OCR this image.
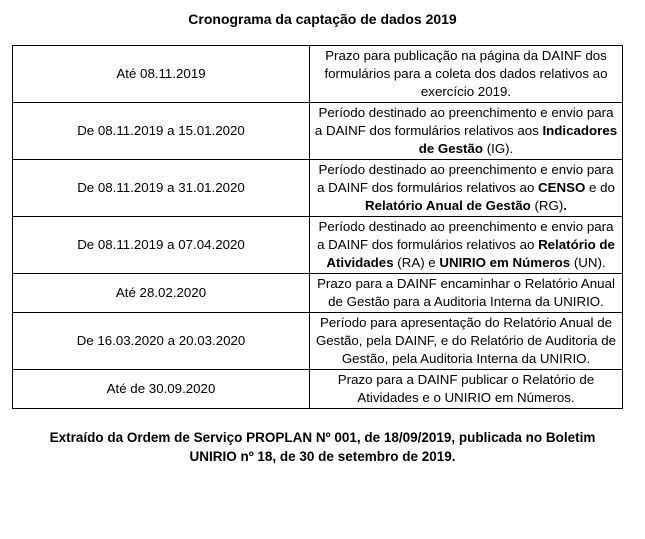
Cronograma da captação de dados 2019
Até 08.11.2019	Prazo para publicação na página da DAINF dos formulários para a coleta dos dados relativos ao exercício 2019.
De 08.11.2019 a 15.01.2020	Período destinado ao preenchimento e envio para a DAINF dos formulários relativos aos Indicadores de Gestão (IG).
De 08.11.2019 a 31.01.2020	Período destinado ao preenchimento e envio para a DAINF dos formulários relativos ao CENSO e do Relatório Anual de Gestão (RG).
De 08.11.2019 a 07.04.2020	Período destinado ao preenchimento e envio para a DAINF dos formulários relativos ao Relatório de Atividades (RA) e UNIRIO em Números (UN).
Até 28.02.2020	Prazo para a DAINF encaminhar o Relatório Anual de Gestão para a Auditoria Interna da UNIRIO.
De 16.03.2020 a 20.03.2020	Período para apresentação do Relatório Anual de Gestão, pela DAINF, e do Relatório de Auditoria de Gestão, pela Auditoria Interna da UNIRIO.
Até de 30.09.2020	Prazo para a DAINF publicar o Relatório de Atividades e o UNIRIO em Números.

Extraído da Ordem de Serviço PROPLAN Nº 001, de 18/09/2019, publicada no Boletim UNIRIO nº 18, de 30 de setembro de 2019.
